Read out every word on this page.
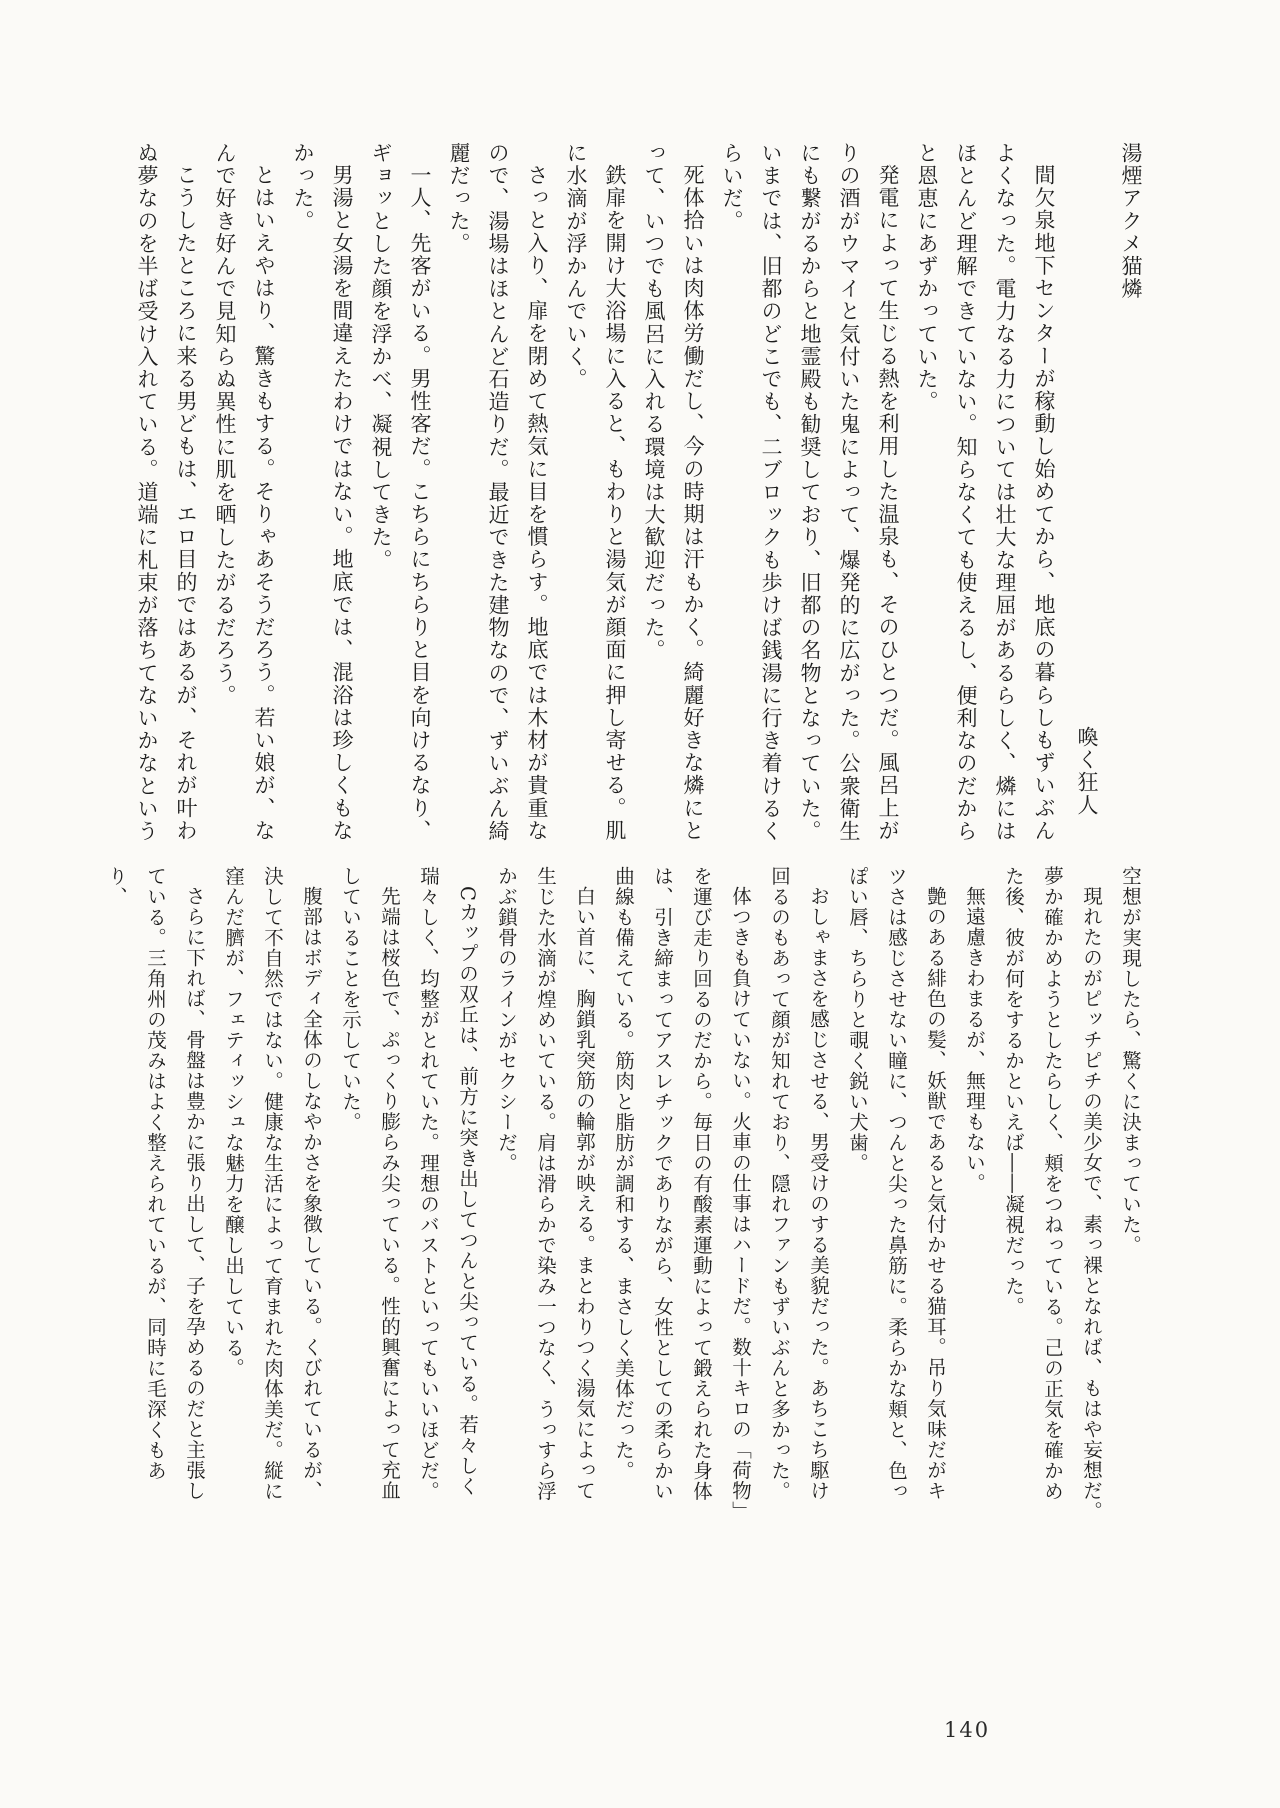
湯煙アクメ猫燐
喚く狂人
間欠泉地下センターが稼動し始めてから、地底の暮らしもずいぶん
よくなった。電力なる力については壮大な理屈があるらしく、燐には
ほとんど理解できていない。知らなくても使えるし、便利なのだから
と恩恵にあずかっていた。
発電によって生じる熱を利用した温泉も、そのひとつだ。風呂上が
りの酒がウマイと気付いた鬼によって、爆発的に広がった。公衆衛生
にも繋がるからと地霊殿も勧奨しており、旧都の名物となっていた。
いまでは、旧都のどこでも、二ブロックも歩けば銭湯に行き着けるく
らいだ。
死体拾いは肉体労働だし、今の時期は汗もかく。綺麗好きな燐にと
って、いつでも風呂に入れる環境は大歓迎だった。
鉄扉を開け大浴場に入ると、もわりと湯気が顔面に押し寄せる。肌
に水滴が浮かんでいく。
さっと入り、扉を閉めて熱気に目を慣らす。地底では木材が貴重な
ので、湯場はほとんど石造りだ。最近できた建物なので、ずいぶん綺
麗だった。
一人、先客がいる。男性客だ。こちらにちらりと目を向けるなり、
ギョッとした顔を浮かべ、凝視してきた。
男湯と女湯を間違えたわけではない。地底では、混浴は珍しくもな
かった。
とはいえやはり、驚きもする。そりゃあそうだろう。若い娘が、な
んで好き好んで見知らぬ異性に肌を晒したがるだろう。
こうしたところに来る男どもは、エロ目的ではあるが、それが叶わ
ぬ夢なのを半ば受け入れている。道端に札束が落ちてないかなという
空想が実現したら、驚くに決まっていた。
現れたのがピッチピチの美少女で、素っ裸となれば、もはや妄想だ。
夢か確かめようとしたらしく、頬をつねっている。己の正気を確かめ
た後、彼が何をするかといえば――凝視だった。
無遠慮きわまるが、無理もない。
艶のある緋色の髪、妖獣であると気付かせる猫耳。吊り気味だがキ
ツさは感じさせない瞳に、つんと尖った鼻筋に。柔らかな頬と、色っ
ぽい唇、ちらりと覗く鋭い犬歯。
おしゃまさを感じさせる、男受けのする美貌だった。あちこち駆け
回るのもあって顔が知れており、隠れファンもずいぶんと多かった。
体つきも負けていない。火車の仕事はハードだ。数十キロの「荷物」
を運び走り回るのだから。毎日の有酸素運動によって鍛えられた身体
は、引き締まってアスレチックでありながら、女性としての柔らかい
曲線も備えている。筋肉と脂肪が調和する、まさしく美体だった。
白い首に、胸鎖乳突筋の輪郭が映える。まとわりつく湯気によって
生じた水滴が煌めいている。肩は滑らかで染み一つなく、うっすら浮
かぶ鎖骨のラインがセクシーだ。
Cカップの双丘は、前方に突き出してつんと尖っている。若々しく
瑞々しく、均整がとれていた。理想のバストといってもいいほどだ。
先端は桜色で、ぷっくり膨らみ尖っている。性的興奮によって充血
していることを示していた。
腹部はボディ全体のしなやかさを象徴している。くびれているが、
決して不自然ではない。健康な生活によって育まれた肉体美だ。縦に
窪んだ臍が、フェティッシュな魅力を醸し出している。
さらに下れば、骨盤は豊かに張り出して、子を孕めるのだと主張し
ている。三角州の茂みはよく整えられているが、同時に毛深くもあり、
140
